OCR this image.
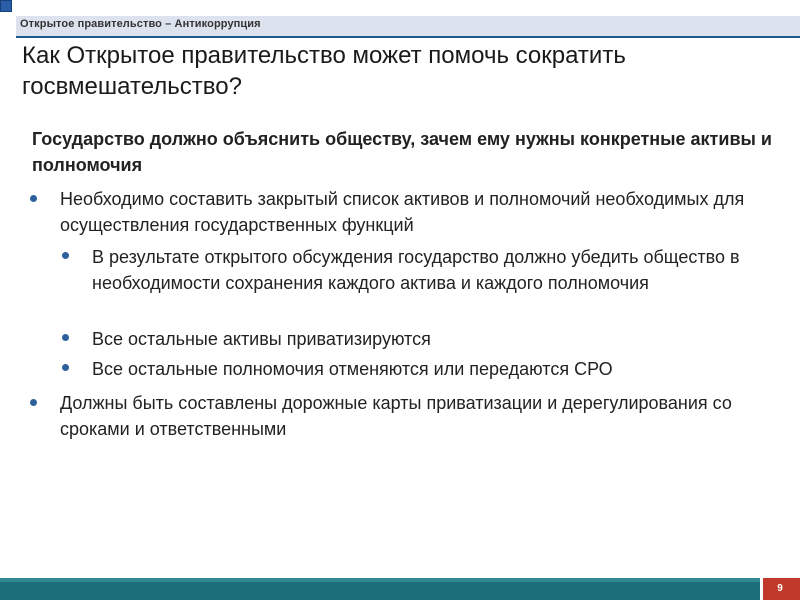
Открытое правительство – Антикоррупция
Как Открытое правительство может помочь сократить госвмешательство?
Государство должно объяснить обществу, зачем ему нужны конкретные активы и полномочия
Необходимо составить закрытый список активов и полномочий необходимых для осуществления государственных функций
В результате открытого обсуждения государство должно убедить общество в необходимости сохранения каждого актива и каждого полномочия
Все остальные активы приватизируются
Все остальные полномочия отменяются или передаются СРО
Должны быть составлены дорожные карты приватизации и дерегулирования со сроками и ответственными
9
